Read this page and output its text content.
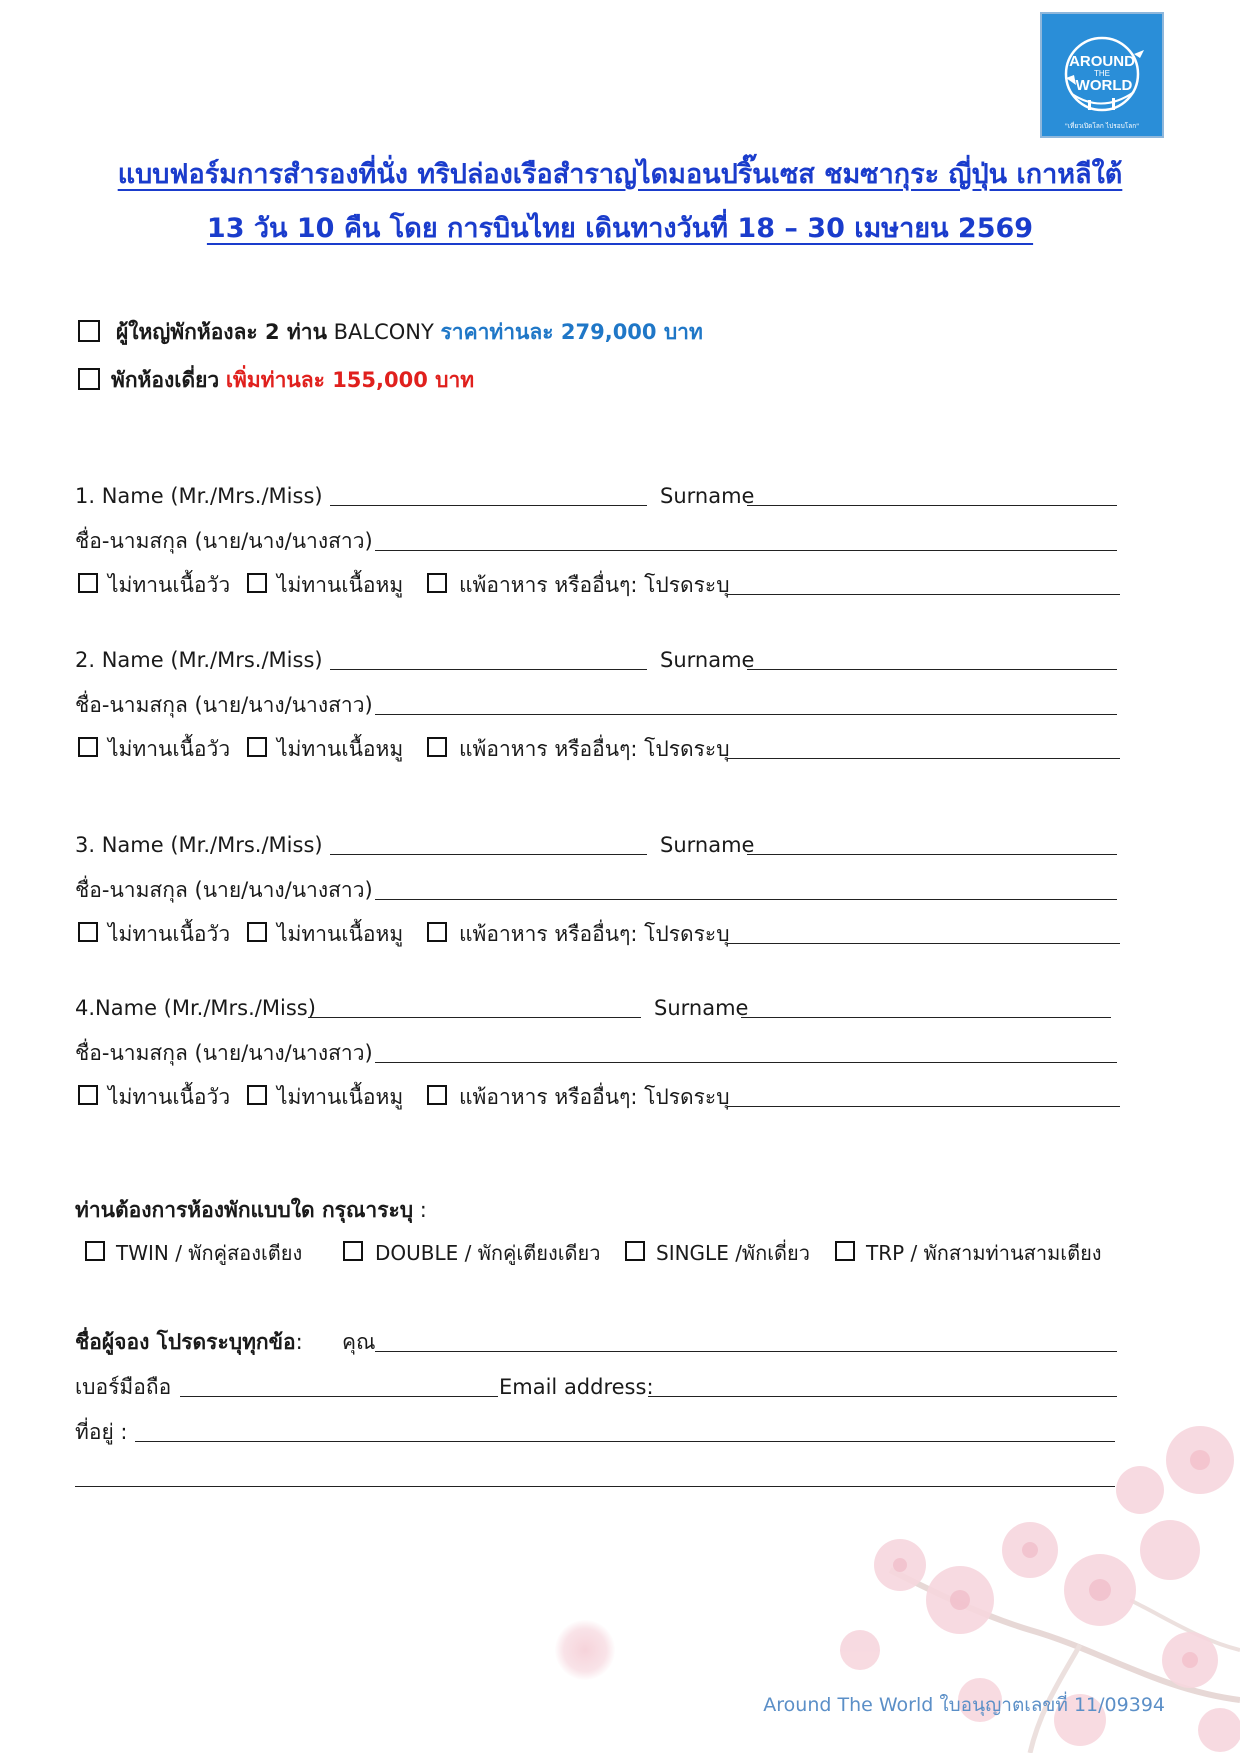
AROUND
THE
WORLD
"เที่ยวเปิดโลก ไปรอบโลก"
แบบฟอร์มการสำรองที่นั่ง ทริปล่องเรือสำราญไดมอนปริ๊นเซส ชมซากุระ ญี่ปุ่น เกาหลีใต้
13 วัน 10 คืน โดย การบินไทย เดินทางวันที่ 18 – 30 เมษายน 2569
ผู้ใหญ่พักห้องละ 2 ท่าน BALCONY ราคาท่านละ 279,000 บาท
พักห้องเดี่ยว เพิ่มท่านละ 155,000 บาท
1. Name (Mr./Mrs./Miss)	Surname
ชื่อ-นามสกุล (นาย/นาง/นางสาว)
ไม่ทานเนื้อวัว ไม่ทานเนื้อหมู	แพ้อาหาร หรืออื่นๆ: โปรดระบุ
2. Name (Mr./Mrs./Miss)	Surname
ชื่อ-นามสกุล (นาย/นาง/นางสาว)
ไม่ทานเนื้อวัว ไม่ทานเนื้อหมู	แพ้อาหาร หรืออื่นๆ: โปรดระบุ
3. Name (Mr./Mrs./Miss)	Surname
ชื่อ-นามสกุล (นาย/นาง/นางสาว)
ไม่ทานเนื้อวัว ไม่ทานเนื้อหมู	แพ้อาหาร หรืออื่นๆ: โปรดระบุ
4.Name (Mr./Mrs./Miss)	Surname
ชื่อ-นามสกุล (นาย/นาง/นางสาว)
ไม่ทานเนื้อวัว ไม่ทานเนื้อหมู	แพ้อาหาร หรืออื่นๆ: โปรดระบุ
ท่านต้องการห้องพักแบบใด กรุณาระบุ :
TWIN / พักคู่สองเตียง	DOUBLE / พักคู่เตียงเดียว	SINGLE /พักเดี่ยว	TRP / พักสามท่านสามเตียง
ชื่อผู้จอง โปรดระบุทุกข้อ: คุณ
เบอร์มือถือ	Email address:
ที่อยู่ :
Around The World ใบอนุญาตเลขที่ 11/09394
